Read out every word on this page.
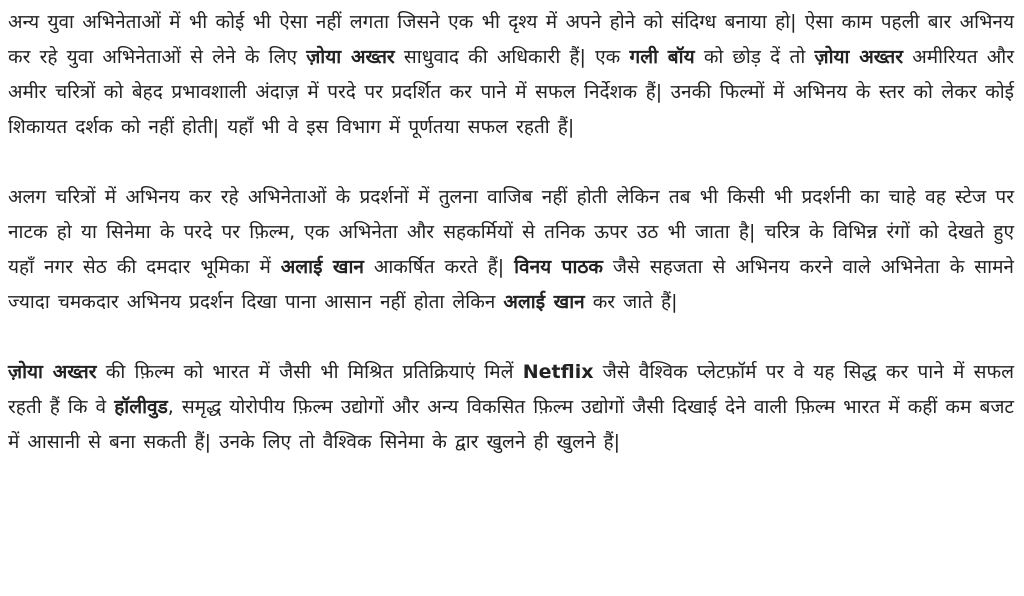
अन्य युवा अभिनेताओं में भी कोई भी ऐसा नहीं लगता जिसने एक भी दृश्य में अपने होने को संदिग्ध बनाया हो| ऐसा काम पहली बार अभिनय कर रहे युवा अभिनेताओं से लेने के लिए ज़ोया अख्तर साधुवाद की अधिकारी हैं| एक गली बॉय को छोड़ दें तो ज़ोया अख्तर अमीरियत और अमीर चरित्रों को बेहद प्रभावशाली अंदाज़ में परदे पर प्रदर्शित कर पाने में सफल निर्देशक हैं| उनकी फिल्मों में अभिनय के स्तर को लेकर कोई शिकायत दर्शक को नहीं होती| यहाँ भी वे इस विभाग में पूर्णतया सफल रहती हैं|

अलग चरित्रों में अभिनय कर रहे अभिनेताओं के प्रदर्शनों में तुलना वाजिब नहीं होती लेकिन तब भी किसी भी प्रदर्शनी का चाहे वह स्टेज पर नाटक हो या सिनेमा के परदे पर फ़िल्म, एक अभिनेता और सहकर्मियों से तनिक ऊपर उठ भी जाता है| चरित्र के विभिन्न रंगों को देखते हुए यहाँ नगर सेठ की दमदार भूमिका में अलाई खान आकर्षित करते हैं| विनय पाठक जैसे सहजता से अभिनय करने वाले अभिनेता के सामने ज्यादा चमकदार अभिनय प्रदर्शन दिखा पाना आसान नहीं होता लेकिन अलाई खान कर जाते हैं|

ज़ोया अख्तर की फ़िल्म को भारत में जैसी भी मिश्रित प्रतिक्रियाएं मिलें Netflix जैसे वैश्विक प्लेटफ़ॉर्म पर वे यह सिद्ध कर पाने में सफल रहती हैं कि वे हॉलीवुड, समृद्ध योरोपीय फ़िल्म उद्योगों और अन्य विकसित फ़िल्म उद्योगों जैसी दिखाई देने वाली फ़िल्म भारत में कहीं कम बजट में आसानी से बना सकती हैं| उनके लिए तो वैश्विक सिनेमा के द्वार खुलने ही खुलने हैं|
